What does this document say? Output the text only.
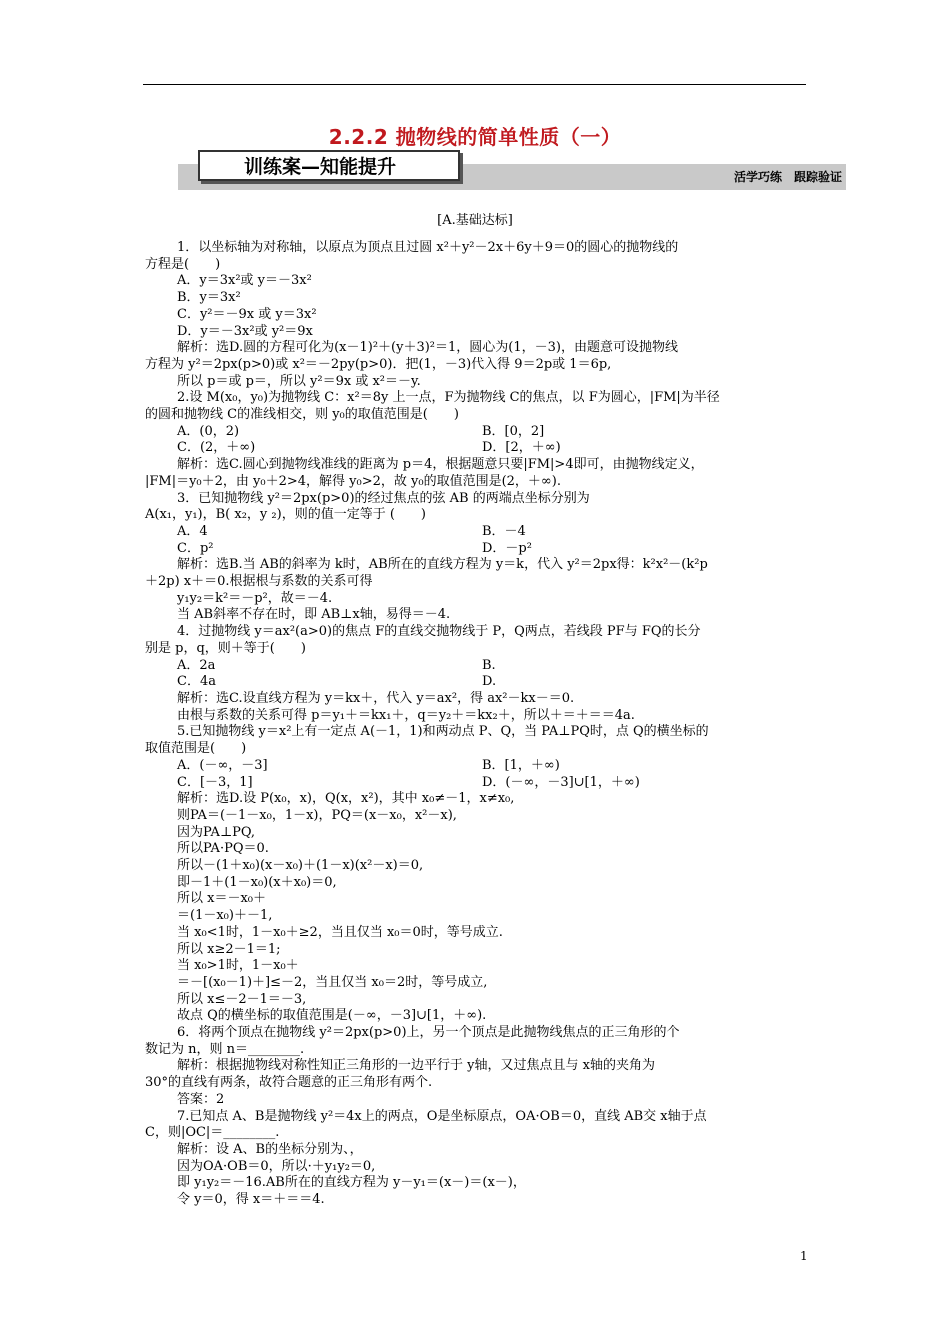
2.2.2 抛物线的简单性质（一）
训练案—知能提升	活学巧练　跟踪验证
[A.基础达标]
1．以坐标轴为对称轴，以原点为顶点且过圆 x²＋y²－2x＋6y＋9＝0的圆心的抛物线的
方程是(　　)
A．y＝3x²或 y＝－3x²
B．y＝3x²
C．y²＝－9x 或 y＝3x²
D．y＝－3x²或 y²＝9x
解析：选D.圆的方程可化为(x－1)²＋(y＋3)²＝1，圆心为(1，－3)，由题意可设抛物线
方程为 y²＝2px(p>0)或 x²＝－2py(p>0)．把(1，－3)代入得 9＝2p或 1＝6p,
所以 p＝或 p＝，所以 y²＝9x 或 x²＝－y.
2.设 M(x₀，y₀)为抛物线 C：x²＝8y 上一点，F为抛物线 C的焦点，以 F为圆心，|FM|为半径
的圆和抛物线 C的准线相交，则 y₀的取值范围是(　　)
A．(0，2)	B．[0，2]
C．(2，＋∞)	D．[2，＋∞)
解析：选C.圆心到抛物线准线的距离为 p＝4，根据题意只要|FM|>4即可，由抛物线定义，
|FM|＝y₀＋2，由 y₀＋2>4，解得 y₀>2，故 y₀的取值范围是(2，＋∞).
3．已知抛物线 y²＝2px(p>0)的经过焦点的弦 AB 的两端点坐标分别为
A(x₁，y₁)，B( x₂，y ₂)，则的值一定等于 (　　)
A．4	B．－4
C．p²	D．－p²
解析：选B.当 AB的斜率为 k时，AB所在的直线方程为 y＝k，代入 y²＝2px得：k²x²－(k²p
＋2p) x＋＝0.根据根与系数的关系可得
y₁y₂＝k²＝－p²，故＝－4.
当 AB斜率不存在时，即 AB⊥x轴，易得＝－4.
4．过抛物线 y＝ax²(a>0)的焦点 F的直线交抛物线于 P，Q两点，若线段 PF与 FQ的长分
别是 p，q，则＋等于(　　)
A．2a	B.
C．4a	D.
解析：选C.设直线方程为 y＝kx＋，代入 y＝ax²，得 ax²－kx－＝0.
由根与系数的关系可得 p＝y₁＋＝kx₁＋，q＝y₂＋＝kx₂＋，所以＋＝＋＝＝4a.
5.已知抛物线 y＝x²上有一定点 A(－1，1)和两动点 P、Q，当 PA⊥PQ时，点 Q的横坐标的
取值范围是(　　)
A．(－∞，－3]	B．[1，＋∞)
C．[－3，1]	D．(－∞，－3]∪[1，＋∞)
解析：选D.设 P(x₀，x)，Q(x，x²)，其中 x₀≠－1，x≠x₀,
则PA＝(－1－x₀，1－x)，PQ＝(x－x₀，x²－x),
因为PA⊥PQ,
所以PA·PQ＝0.
所以－(1＋x₀)(x－x₀)＋(1－x)(x²－x)＝0,
即－1＋(1－x₀)(x＋x₀)＝0,
所以 x＝－x₀＋
＝(1－x₀)＋－1,
当 x₀<1时，1－x₀＋≥2，当且仅当 x₀＝0时，等号成立.
所以 x≥2－1＝1;
当 x₀>1时，1－x₀＋
＝－[(x₀－1)＋]≤－2，当且仅当 x₀＝2时，等号成立,
所以 x≤－2－1＝－3,
故点 Q的横坐标的取值范围是(－∞，－3]∪[1，＋∞).
6．将两个顶点在抛物线 y²＝2px(p>0)上，另一个顶点是此抛物线焦点的正三角形的个
数记为 n，则 n＝________.
解析：根据抛物线对称性知正三角形的一边平行于 y轴，又过焦点且与 x轴的夹角为
30°的直线有两条，故符合题意的正三角形有两个.
答案：2
7.已知点 A、B是抛物线 y²＝4x上的两点，O是坐标原点，OA·OB＝0，直线 AB交 x轴于点
C，则|OC|＝________.
解析：设 A、B的坐标分别为、，
因为OA·OB＝0，所以·＋y₁y₂＝0,
即 y₁y₂＝－16.AB所在的直线方程为 y－y₁＝(x－)＝(x－)，
令 y＝0，得 x＝＋＝＝4.
1
